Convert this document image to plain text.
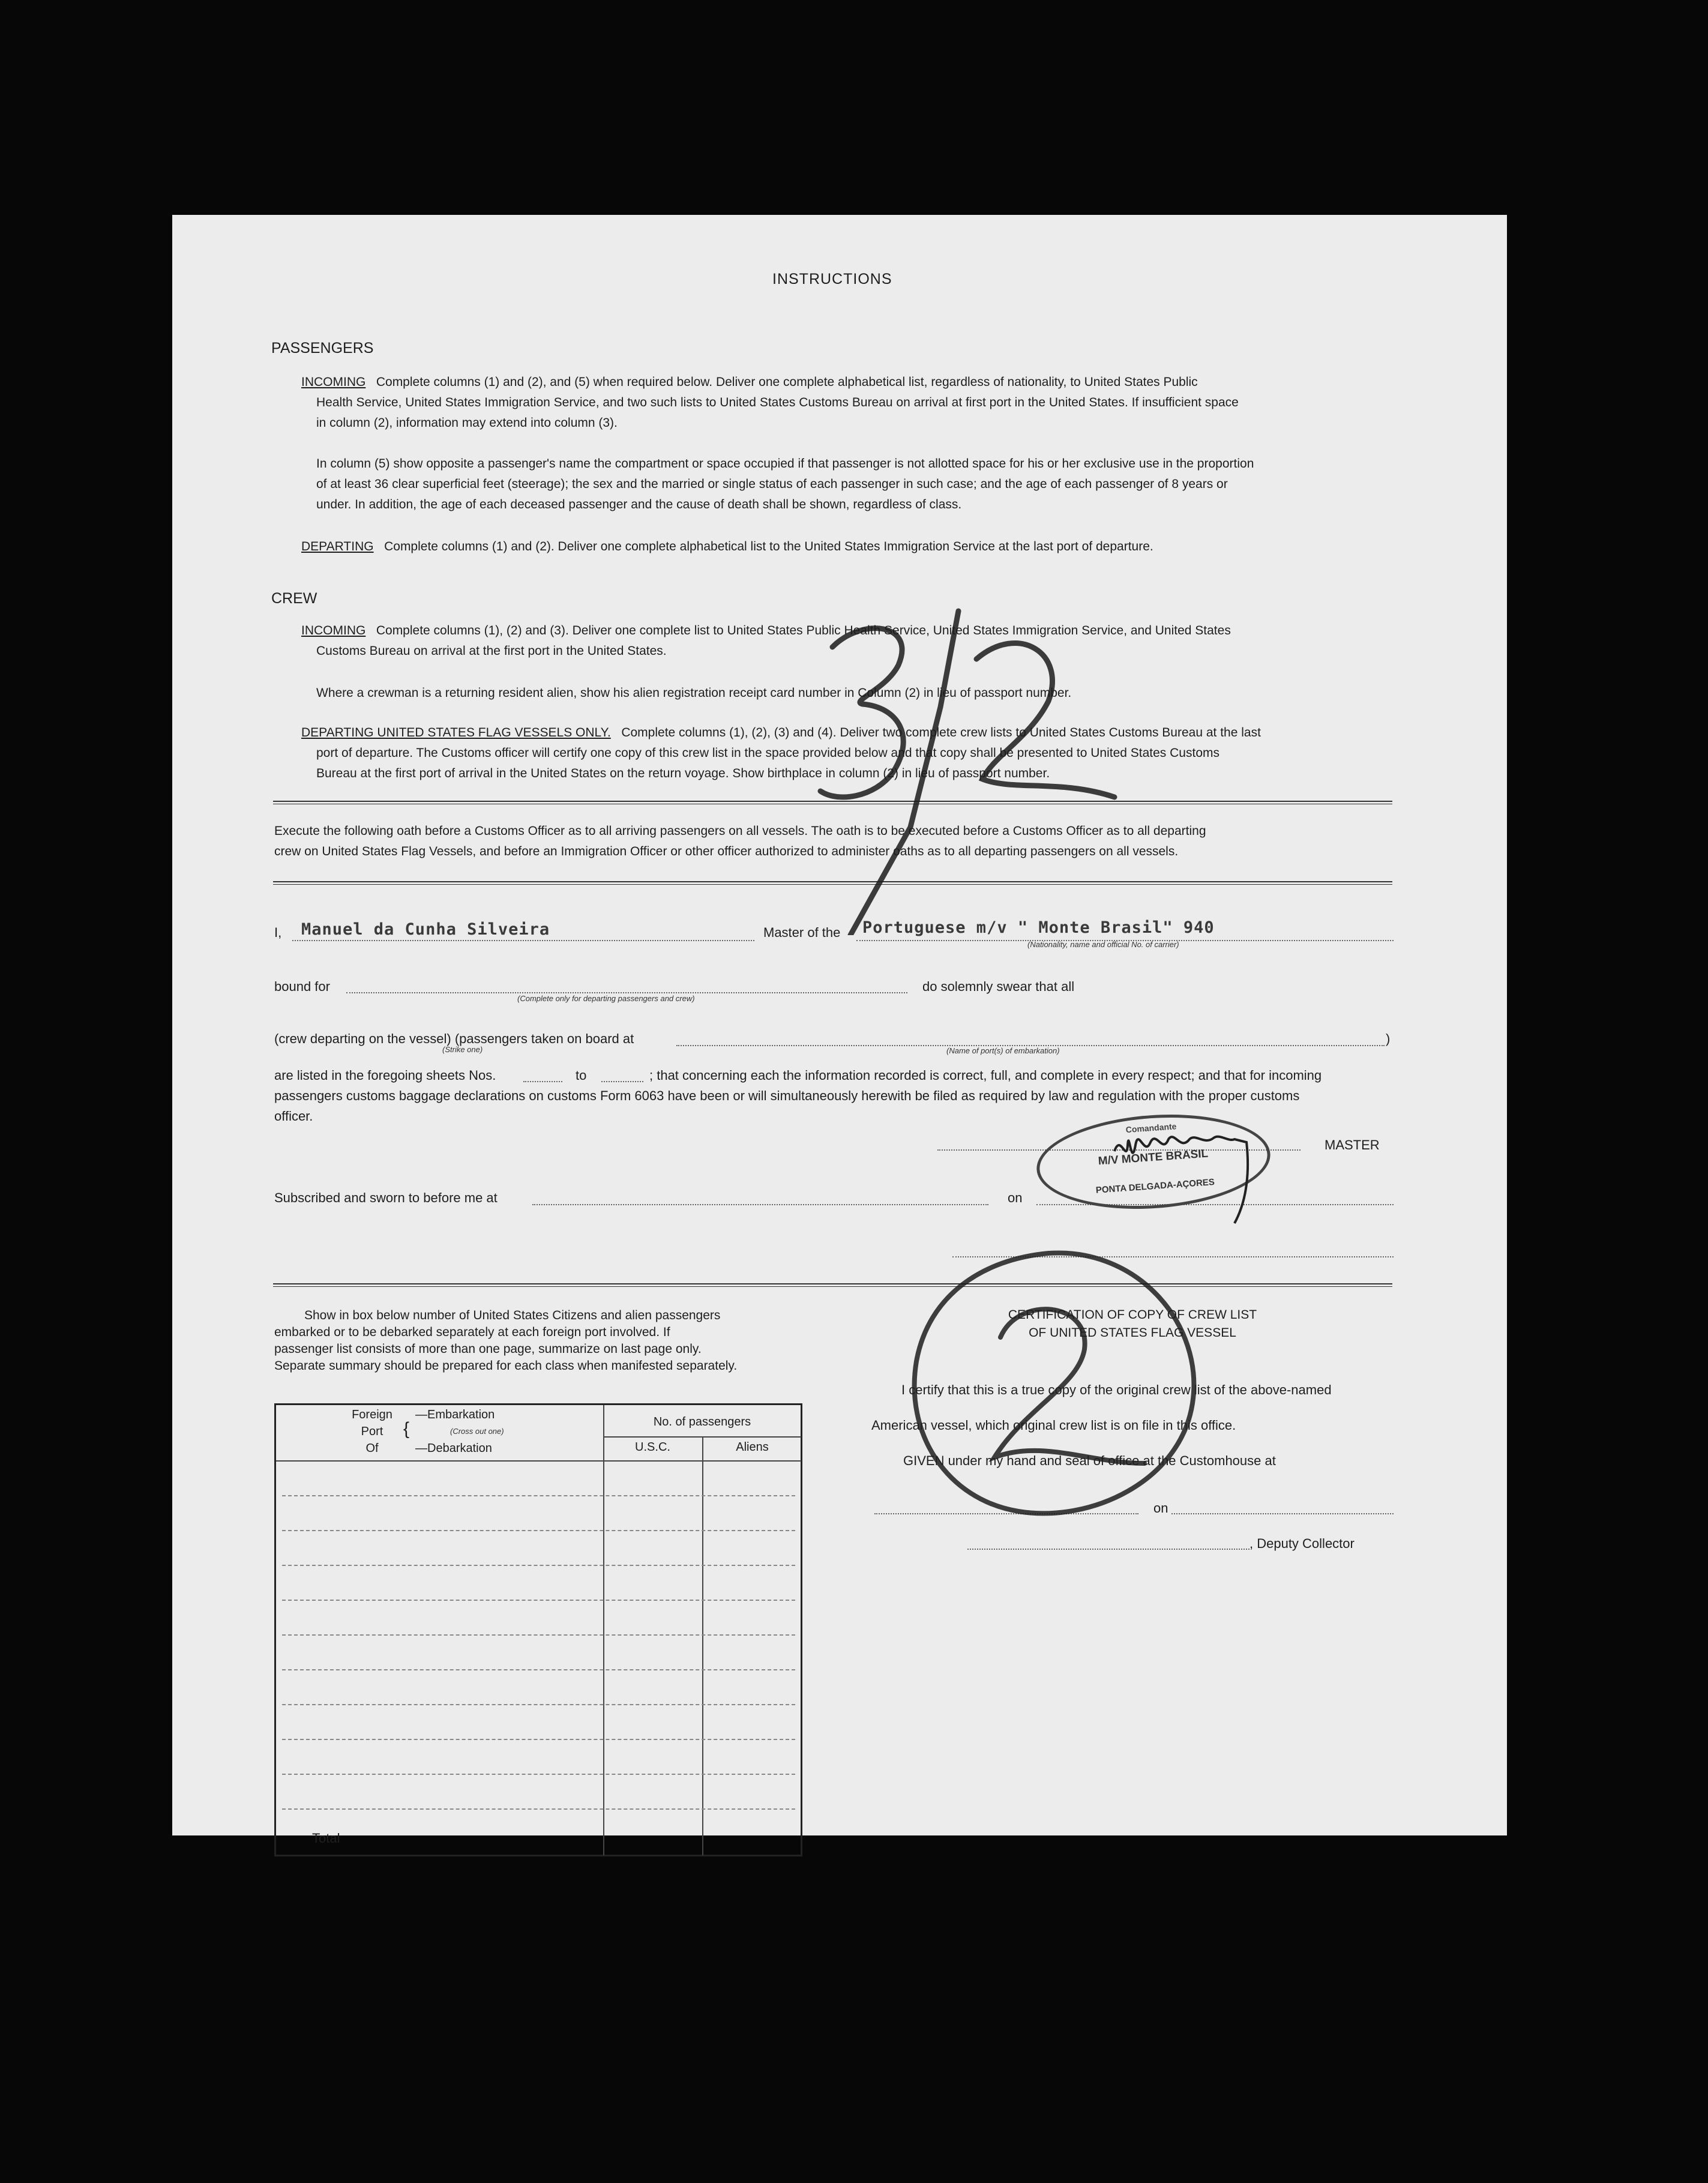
INSTRUCTIONS
PASSENGERS
INCOMING Complete columns (1) and (2), and (5) when required below. Deliver one complete alphabetical list, regardless of nationality, to United States Public
Health Service, United States Immigration Service, and two such lists to United States Customs Bureau on arrival at first port in the United States. If insufficient space
in column (2), information may extend into column (3).
In column (5) show opposite a passenger's name the compartment or space occupied if that passenger is not allotted space for his or her exclusive use in the proportion
of at least 36 clear superficial feet (steerage); the sex and the married or single status of each passenger in such case; and the age of each passenger of 8 years or
under. In addition, the age of each deceased passenger and the cause of death shall be shown, regardless of class.
DEPARTING Complete columns (1) and (2). Deliver one complete alphabetical list to the United States Immigration Service at the last port of departure.
CREW
INCOMING Complete columns (1), (2) and (3). Deliver one complete list to United States Public Health Service, United States Immigration Service, and United States
Customs Bureau on arrival at the first port in the United States.
Where a crewman is a returning resident alien, show his alien registration receipt card number in Column (2) in lieu of passport number.
DEPARTING UNITED STATES FLAG VESSELS ONLY. Complete columns (1), (2), (3) and (4). Deliver two complete crew lists to United States Customs Bureau at the last
port of departure. The Customs officer will certify one copy of this crew list in the space provided below and that copy shall be presented to United States Customs
Bureau at the first port of arrival in the United States on the return voyage. Show birthplace in column (2) in lieu of passport number.
Execute the following oath before a Customs Officer as to all arriving passengers on all vessels. The oath is to be executed before a Customs Officer as to all departing
crew on United States Flag Vessels, and before an Immigration Officer or other officer authorized to administer oaths as to all departing passengers on all vessels.
I, Manuel da Cunha Silveira	Master of the Portuguese m/v " Monte Brasil" 940
(Nationality, name and official No. of carrier)
bound for
(Complete only for departing passengers and crew)
do solemnly swear that all
(crew departing on the vessel) (passengers taken on board at
(Strike one)	(Name of port(s) of embarkation)
)
are listed in the foregoing sheets Nos.	to	; that concerning each the information recorded is correct, full, and complete in every respect; and that for incoming
passengers customs baggage declarations on customs Form 6063 have been or will simultaneously herewith be filed as required by law and regulation with the proper customs
officer.
MASTER
Subscribed and sworn to before me at	on
Comandante
M/V MONTE BRASIL
PONTA DELGADA-AÇORES
Show in box below number of United States Citizens and alien passengers
embarked or to be debarked separately at each foreign port involved. If
passenger list consists of more than one page, summarize on last page only.
Separate summary should be prepared for each class when manifested separately.
Foreign
Port
Of
{
—Embarkation
(Cross out one)
—Debarkation
No. of passengers
U.S.C.	Aliens
Total
CERTIFICATION OF COPY OF CREW LIST
OF UNITED STATES FLAG VESSEL
I certify that this is a true copy of the original crew list of the above-named
American vessel, which original crew list is on file in this office.
GIVEN under my hand and seal of office at the Customhouse at
on
, Deputy Collector
